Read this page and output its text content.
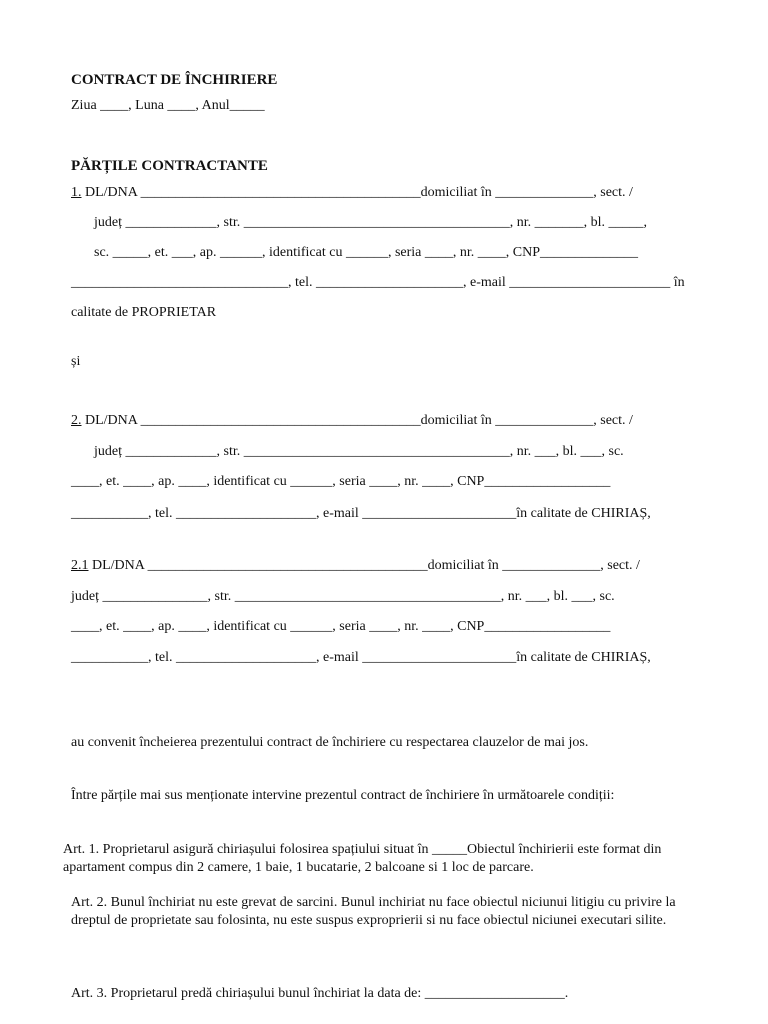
CONTRACT DE ÎNCHIRIERE
Ziua ____, Luna ____, Anul_____
PĂRȚILE CONTRACTANTE
1. DL/DNA ________________________________________domiciliat în ______________, sect. /
județ _____________, str. ______________________________________, nr. _______, bl. _____,
sc. _____, et. ___, ap. ______, identificat cu ______, seria ____, nr. ____, CNP______________
_______________________________, tel. _____________________, e-mail _______________________ în
calitate de PROPRIETAR
și
2. DL/DNA ________________________________________domiciliat în ______________, sect. /
județ _____________, str. ______________________________________, nr. ___, bl. ___, sc.
____, et. ____, ap. ____, identificat cu ______, seria ____, nr. ____, CNP__________________
___________, tel. ____________________, e-mail ______________________în calitate de CHIRIAȘ,
2.1 DL/DNA ________________________________________domiciliat în ______________, sect. /
județ _______________, str. ______________________________________, nr. ___, bl. ___, sc.
____, et. ____, ap. ____, identificat cu ______, seria ____, nr. ____, CNP__________________
___________, tel. ____________________, e-mail ______________________în calitate de CHIRIAȘ,
au convenit încheierea prezentului contract de închiriere cu respectarea clauzelor de mai jos.
Între părțile mai sus menționate intervine prezentul contract de închiriere în următoarele condiții:
Art. 1. Proprietarul asigură chiriașului folosirea spațiului situat în _____Obiectul închirierii este format din apartament compus din 2 camere, 1 baie, 1 bucatarie, 2 balcoane si 1 loc de parcare.
Art. 2. Bunul închiriat nu este grevat de sarcini. Bunul inchiriat nu face obiectul niciunui litigiu cu privire la dreptul de proprietate sau folosinta, nu este suspus exproprierii si nu face obiectul niciunei executari silite.
Art. 3. Proprietarul predă chiriașului bunul închiriat la data de: ____________________.
